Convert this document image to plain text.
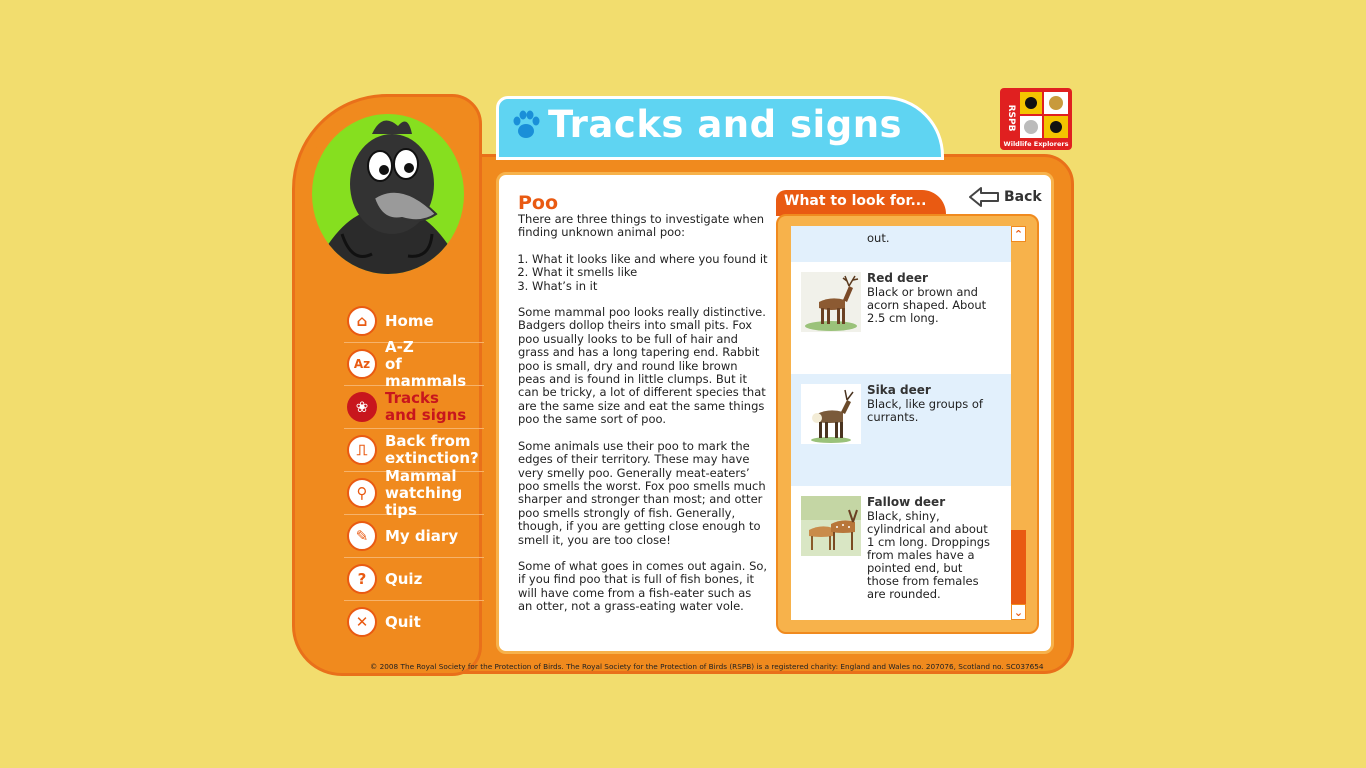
Tracks and signs	RSPB
Wildlife Explorers
⌂	Home
Az
A-Z
of mammals
❀	Tracks
and signs
⎍	Back from
extinction?
⚲
Mammal
watching tips
✎	My diary
?	Quiz
✕	Quit
Poo

There are three things to investigate when finding unknown animal poo:

1. What it looks like and where you found it
2. What it smells like
3. What’s in it

Some mammal poo looks really distinctive. Badgers dollop theirs into small pits. Fox poo usually looks to be full of hair and grass and has a long tapering end. Rabbit poo is small, dry and round like brown peas and is found in little clumps. But it can be tricky, a lot of different species that are the same size and eat the same things poo the same sort of poo.

Some animals use their poo to mark the edges of their territory. These may have very smelly poo. Generally meat-eaters’ poo smells the worst. Fox poo smells much sharper and stronger than most; and otter poo smells strongly of fish. Generally, though, if you are getting close enough to smell it, you are too close!

Some of what goes in comes out again. So, if you find poo that is full of fish bones, it will have come from a fish-eater such as an otter, not a grass-eating water vole.

Back
What to look for...
out.
Red deer
Black or brown and acorn shaped. About 2.5 cm long.
Sika deer
Black, like groups of currants.
Fallow deer
Black, shiny, cylindrical and about 1 cm long. Droppings from males have a pointed end, but those from females are rounded.
⌃
⌄
© 2008 The Royal Society for the Protection of Birds. The Royal Society for the Protection of Birds (RSPB) is a registered charity: England and Wales no. 207076, Scotland no. SC037654
